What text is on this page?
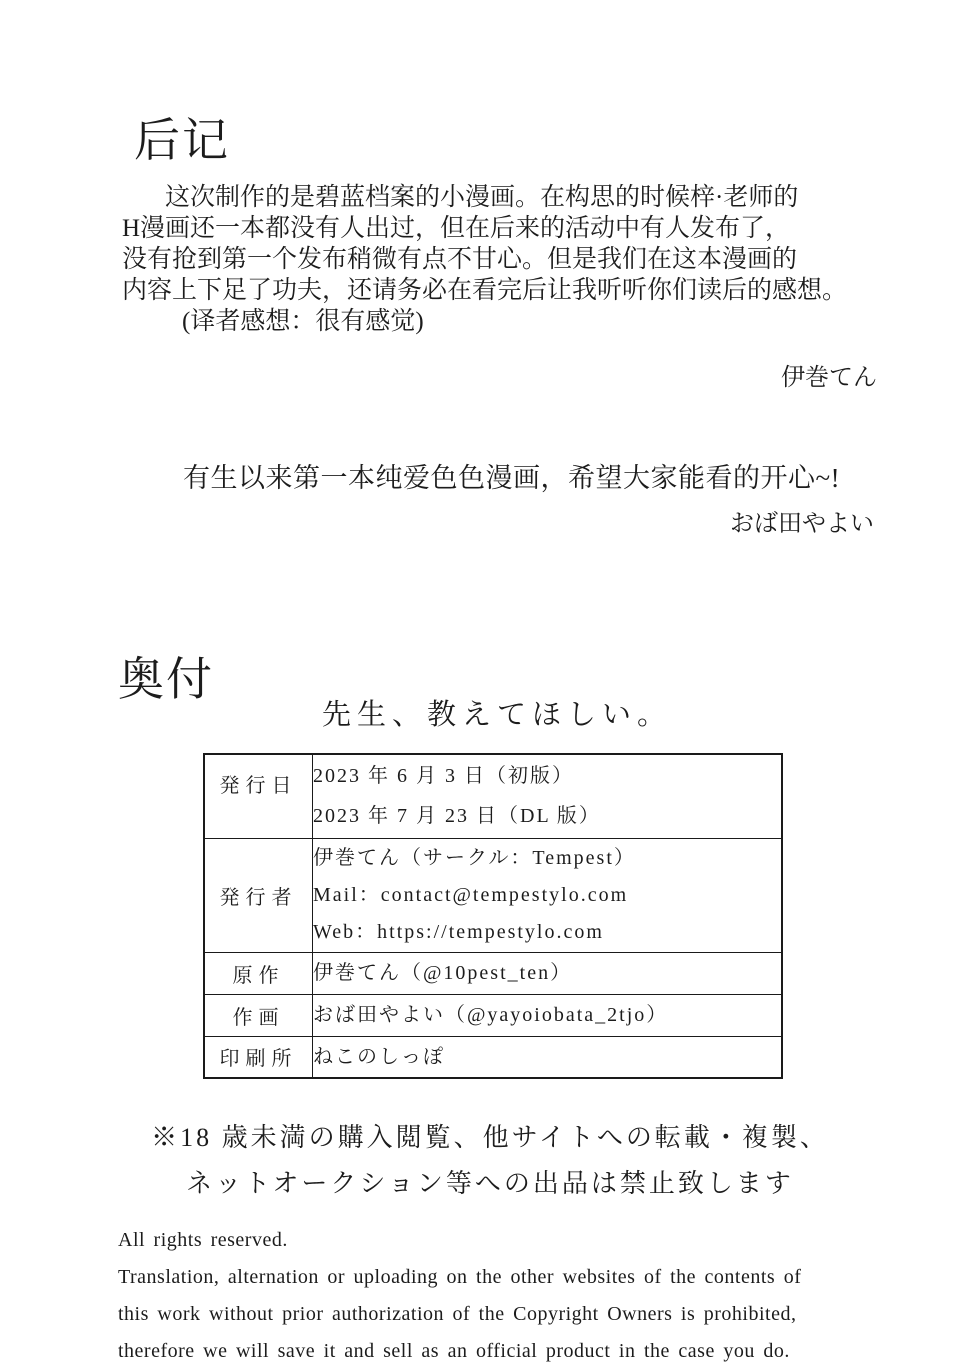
后记
这次制作的是碧蓝档案的小漫画。在构思的时候梓·老师的
H漫画还一本都没有人出过，但在后来的活动中有人发布了，
没有抢到第一个发布稍微有点不甘心。但是我们在这本漫画的
内容上下足了功夫，还请务必在看完后让我听听你们读后的感想。
(译者感想：很有感觉)
伊巻てん
有生以来第一本纯爱色色漫画，希望大家能看的开心~!
おば田やよい
奥付
先生、教えてほしい。
発行日	2023 年 6 月 3 日（初版）
2023 年 7 月 23 日（DL 版）

発行者	伊巻てん（サークル：Tempest）
Mail：contact@tempestylo.com
Web：https://tempestylo.com

原作	伊巻てん（@10pest_ten）

作画	おば田やよい（@yayoiobata_2tjo）

印刷所	ねこのしっぽ
※18 歳未満の購入閲覧、他サイトへの転載・複製、
ネットオークション等への出品は禁止致します
All rights reserved.
Translation, alternation or uploading on the other websites of the contents of
this work without prior authorization of the Copyright Owners is prohibited,
therefore we will save it and sell as an official product in the case you do.
